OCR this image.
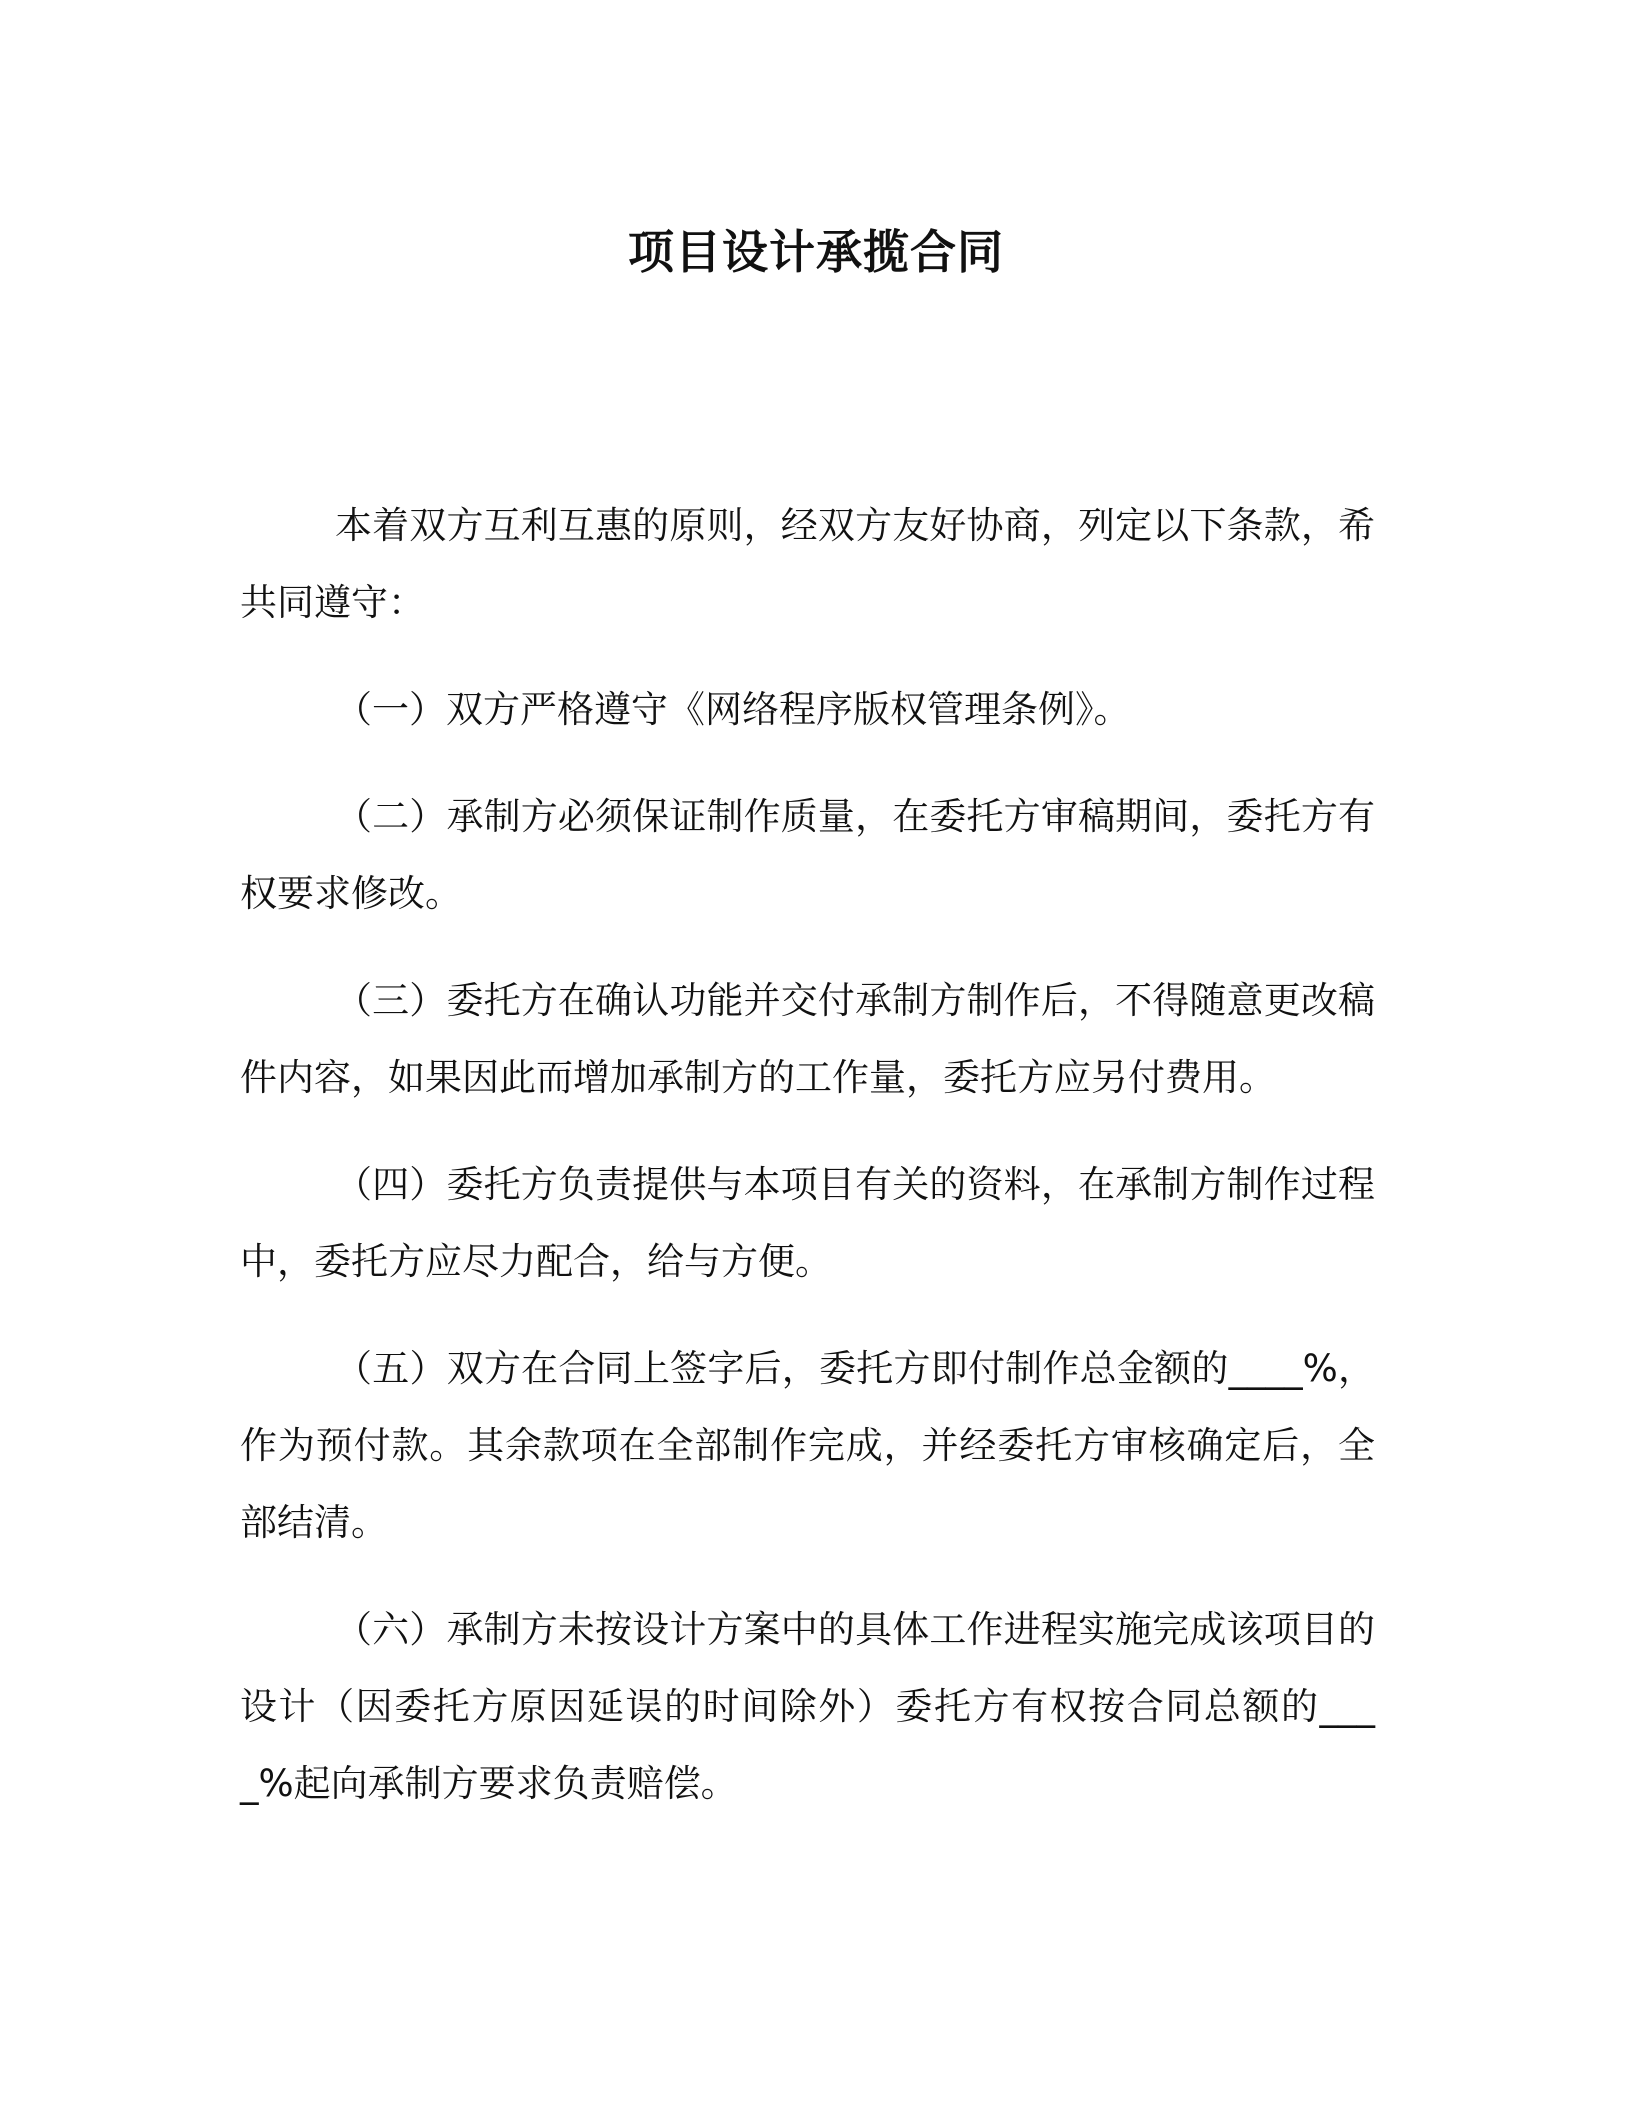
项目设计承揽合同

本着双方互利互惠的原则，经双方友好协商，列定以下条款，希共同遵守：

（一）双方严格遵守《网络程序版权管理条例》。

（二）承制方必须保证制作质量，在委托方审稿期间，委托方有权要求修改。

（三）委托方在确认功能并交付承制方制作后，不得随意更改稿件内容，如果因此而增加承制方的工作量，委托方应另付费用。

（四）委托方负责提供与本项目有关的资料，在承制方制作过程中，委托方应尽力配合，给与方便。

（五）双方在合同上签字后，委托方即付制作总金额的____%，作为预付款。其余款项在全部制作完成，并经委托方审核确定后，全部结清。

（六）承制方未按设计方案中的具体工作进程实施完成该项目的设计（因委托方原因延误的时间除外）委托方有权按合同总额的____%起向承制方要求负责赔偿。
